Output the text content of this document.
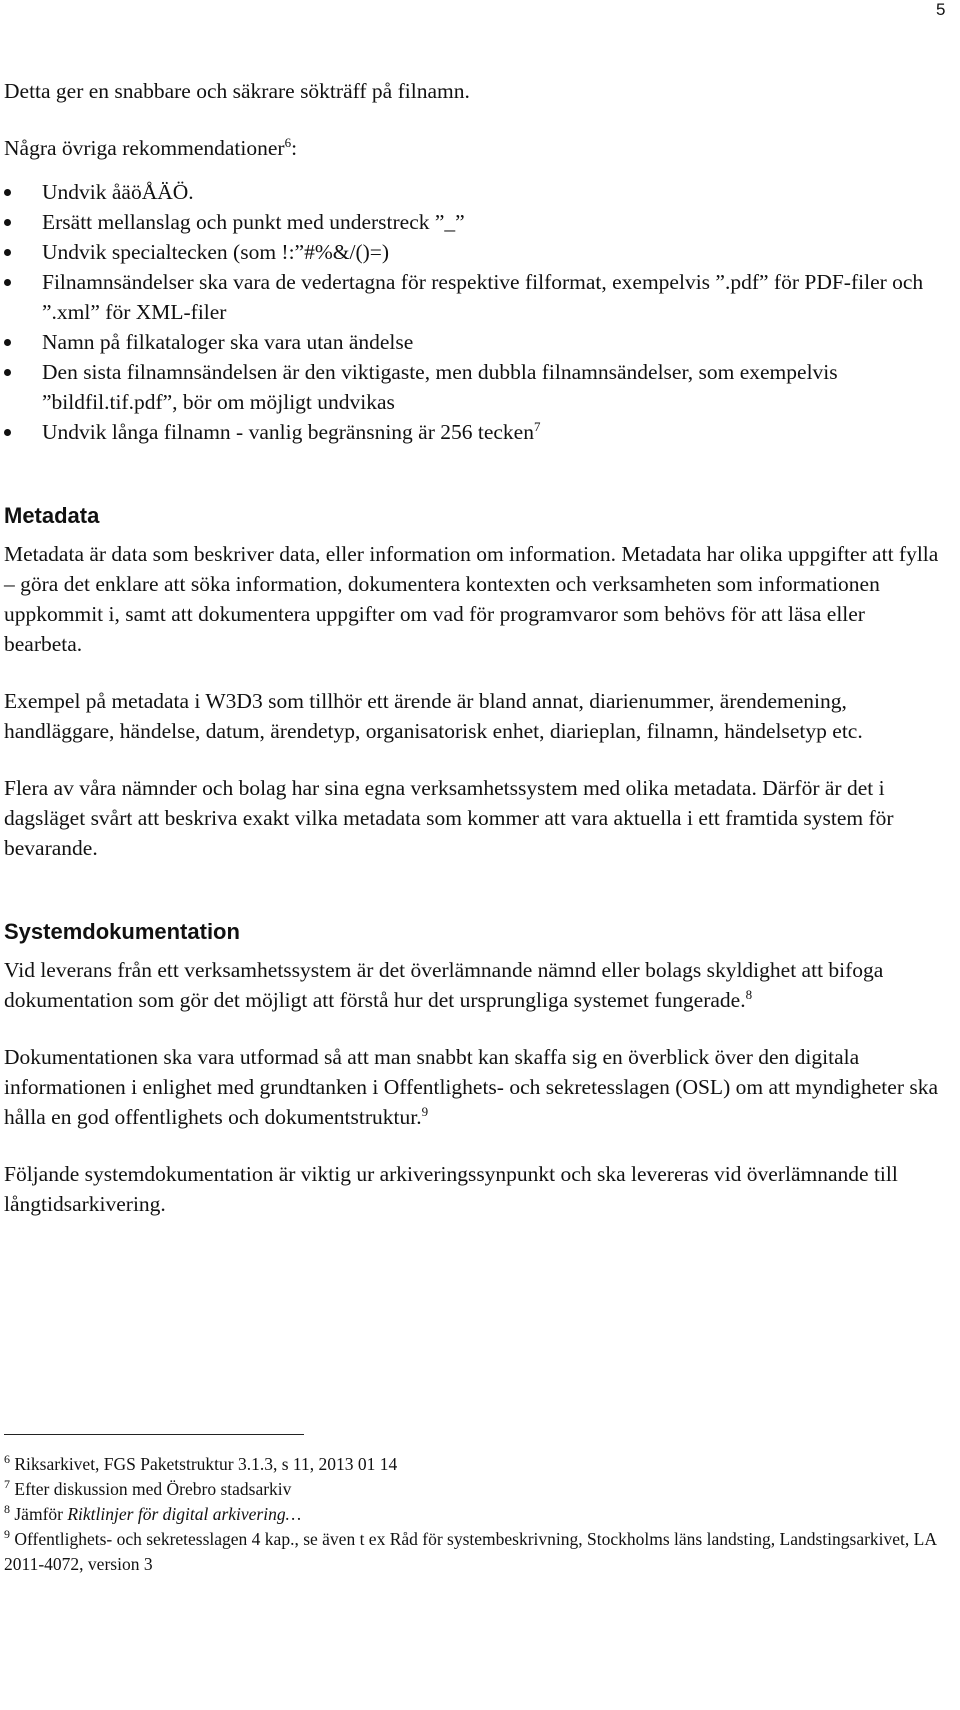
5

Detta ger en snabbare och säkrare sökträff på filnamn.

Några övriga rekommendationer$^6$:

Undvik åäöÅÄÖ.
Ersätt mellanslag och punkt med understreck ”_”
Undvik specialtecken (som !:”#%&/()=)
Filnamnsändelser ska vara de vedertagna för respektive filformat, exempelvis ”.pdf” för PDF-filer och ”.xml” för XML-filer
Namn på filkataloger ska vara utan ändelse
Den sista filnamnsändelsen är den viktigaste, men dubbla filnamnsändelser, som exempelvis ”bildfil.tif.pdf”, bör om möjligt undvikas
Undvik långa filnamn - vanlig begränsning är 256 tecken$^7$
Metadata

Metadata är data som beskriver data, eller information om information. Metadata har olika uppgifter att fylla – göra det enklare att söka information, dokumentera kontexten och verksamheten som informationen uppkommit i, samt att dokumentera uppgifter om vad för programvaror som behövs för att läsa eller bearbeta.

Exempel på metadata i W3D3 som tillhör ett ärende är bland annat, diarienummer, ärendemening, handläggare, händelse, datum, ärendetyp, organisatorisk enhet, diarieplan, filnamn, händelsetyp etc.

Flera av våra nämnder och bolag har sina egna verksamhetssystem med olika metadata. Därför är det i dagsläget svårt att beskriva exakt vilka metadata som kommer att vara aktuella i ett framtida system för bevarande.

Systemdokumentation

Vid leverans från ett verksamhetssystem är det överlämnande nämnd eller bolags skyldighet att bifoga dokumentation som gör det möjligt att förstå hur det ursprungliga systemet fungerade.$^8$

Dokumentationen ska vara utformad så att man snabbt kan skaffa sig en överblick över den digitala informationen i enlighet med grundtanken i Offentlighets- och sekretesslagen (OSL) om att myndigheter ska hålla en god offentlighets och dokumentstruktur.$^9$

Följande systemdokumentation är viktig ur arkiveringssynpunkt och ska levereras vid överlämnande till långtidsarkivering.

$^6$ Riksarkivet, FGS Paketstruktur 3.1.3, s 11, 2013 01 14
$^7$ Efter diskussion med Örebro stadsarkiv
$^8$ Jämför Riktlinjer för digital arkivering…
$^9$ Offentlighets- och sekretesslagen 4 kap., se även t ex Råd för systembeskrivning, Stockholms läns landsting, Landstingsarkivet, LA 2011-4072, version 3
